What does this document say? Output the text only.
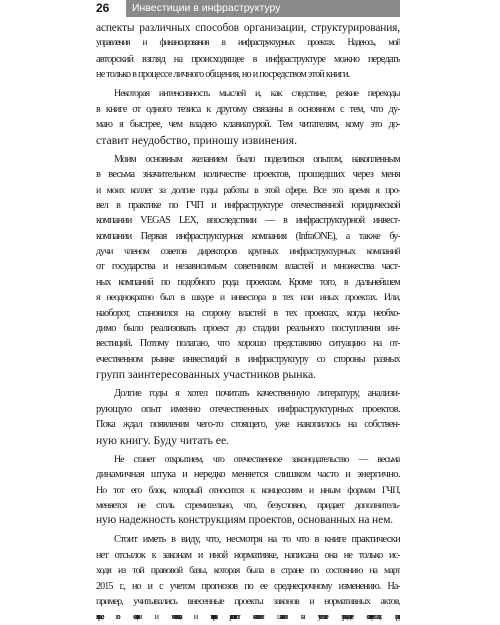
26	Инвестиции в инфраструктуру
аспекты различных способов организации, структурирования,
управления и финансирования в инфраструктурных проектах. Надеюсь, мой
авторский взгляд на происходящее в инфраструктуре можно передать
не только в процессе личного общения, но и посредством этой книги.
Некоторая интенсивность мыслей и, как следствие, резкие переходы
в книге от одного тезиса к другому связаны в основном с тем, что ду-
маю я быстрее, чем владею клавиатурой. Тем читателям, кому это до-
ставит неудобство, приношу извинения.
Моим основным желанием было поделиться опытом, накопленным
в весьма значительном количестве проектов, прошедших через меня
и моих коллег за долгие годы работы в этой сфере. Все это время я про-
вел в практике по ГЧП и инфраструктуре отечественной юридической
компании VEGAS LEX, впоследствии — в инфраструктурной инвест-
компании Первая инфраструктурная компания (InfraONE), а также бу-
дучи членом советов директоров крупных инфраструктурных компаний
от государства и независимым советником властей и множества част-
ных компаний по подобного рода проектам. Кроме того, в дальнейшем
я неоднократно был в шкуре и инвестора в тех или иных проектах. Или,
наоборот, становился на сторону властей в тех проектах, когда необхо-
димо было реализовать проект до стадии реального поступления ин-
вестиций. Потому полагаю, что хорошо представляю ситуацию на от-
ечественном рынке инвестиций в инфраструктуру со стороны разных
групп заинтересованных участников рынка.
Долгие годы я хотел почитать качественную литературу, анализи-
рующую опыт именно отечественных инфраструктурных проектов.
Пока ждал появления чего-то стоящего, уже накопилось на собствен-
ную книгу. Буду читать ее.
Не станет открытием, что отечественное законодательство — весьма
динамичная штука и нередко меняется слишком часто и энергично.
Но тот его блок, который относится к концессиям и иным формам ГЧП,
меняется не столь стремительно, что, безусловно, придает дополнитель-
ную надежность конструкциям проектов, основанных на нем.
Стоит иметь в виду, что, несмотря на то что в книге практически
нет отсылок к законам и иной нормативке, написана она не только ис-
ходя из той правовой базы, которая была в стране по состоянию на март
2015 г., но и с учетом прогнозов по ее среднесрочному изменению. На-
пример, учитывались внесенные проекты законов и нормативных актов,
которые, по оценкам и чиновников, и экспертов, располагают неплохими шансами на успешное прохождение соответствующих процедур.
